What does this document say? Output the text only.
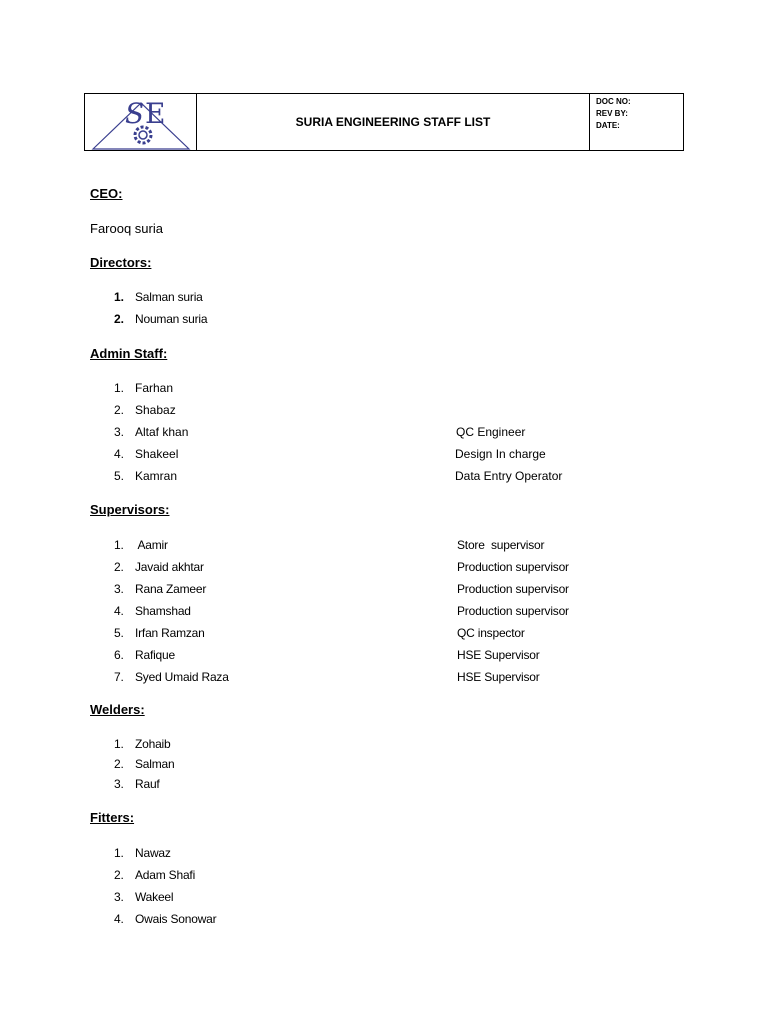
S E	SURIA ENGINEERING STAFF LIST
DOC NO:
REV BY:
DATE:
CEO:
Farooq suria
Directors:
1. Salman suria
2. Nouman suria
Admin Staff:
1. Farhan
2. Shabaz
3. Altaf khan	QC Engineer
4. Shakeel	Design In charge
5. Kamran	Data Entry Operator
Supervisors:
1. Aamir	Store  supervisor
2. Javaid akhtar	Production supervisor
3. Rana Zameer	Production supervisor
4. Shamshad	Production supervisor
5. Irfan Ramzan	QC inspector
6. Rafique	HSE Supervisor
7. Syed Umaid Raza	HSE Supervisor
Welders:
1. Zohaib
2. Salman
3. Rauf
Fitters:
1. Nawaz
2. Adam Shafi
3. Wakeel
4. Owais Sonowar
